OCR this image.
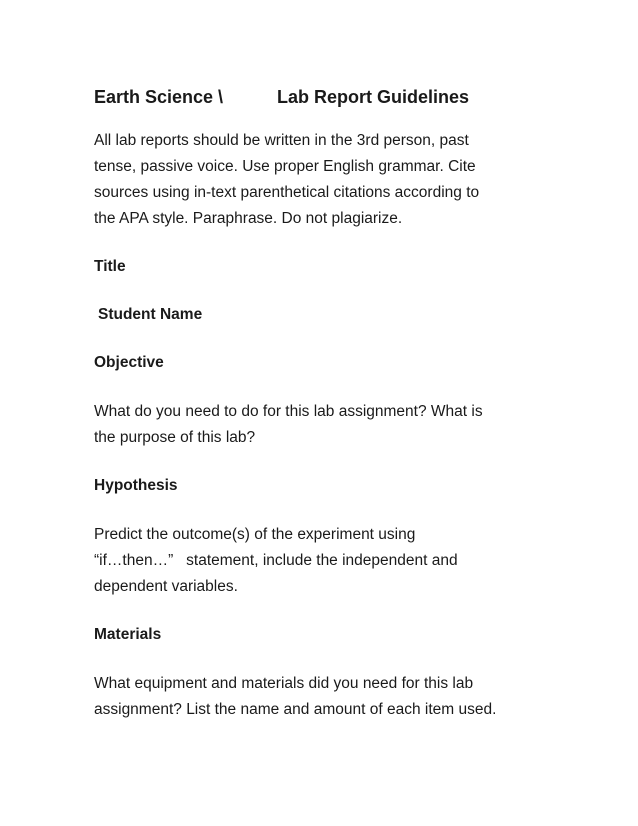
Earth Science \	Lab Report Guidelines

All lab reports should be written in the 3rd person, past

tense, passive voice. Use proper English grammar. Cite

sources using in-text parenthetical citations according to

the APA style. Paraphrase. Do not plagiarize.

Title

Student Name

Objective

What do you need to do for this lab assignment? What is

the purpose of this lab?

Hypothesis

Predict the outcome(s) of the experiment using

“if…then…”   statement, include the independent and

dependent variables.

Materials

What equipment and materials did you need for this lab

assignment? List the name and amount of each item used.
